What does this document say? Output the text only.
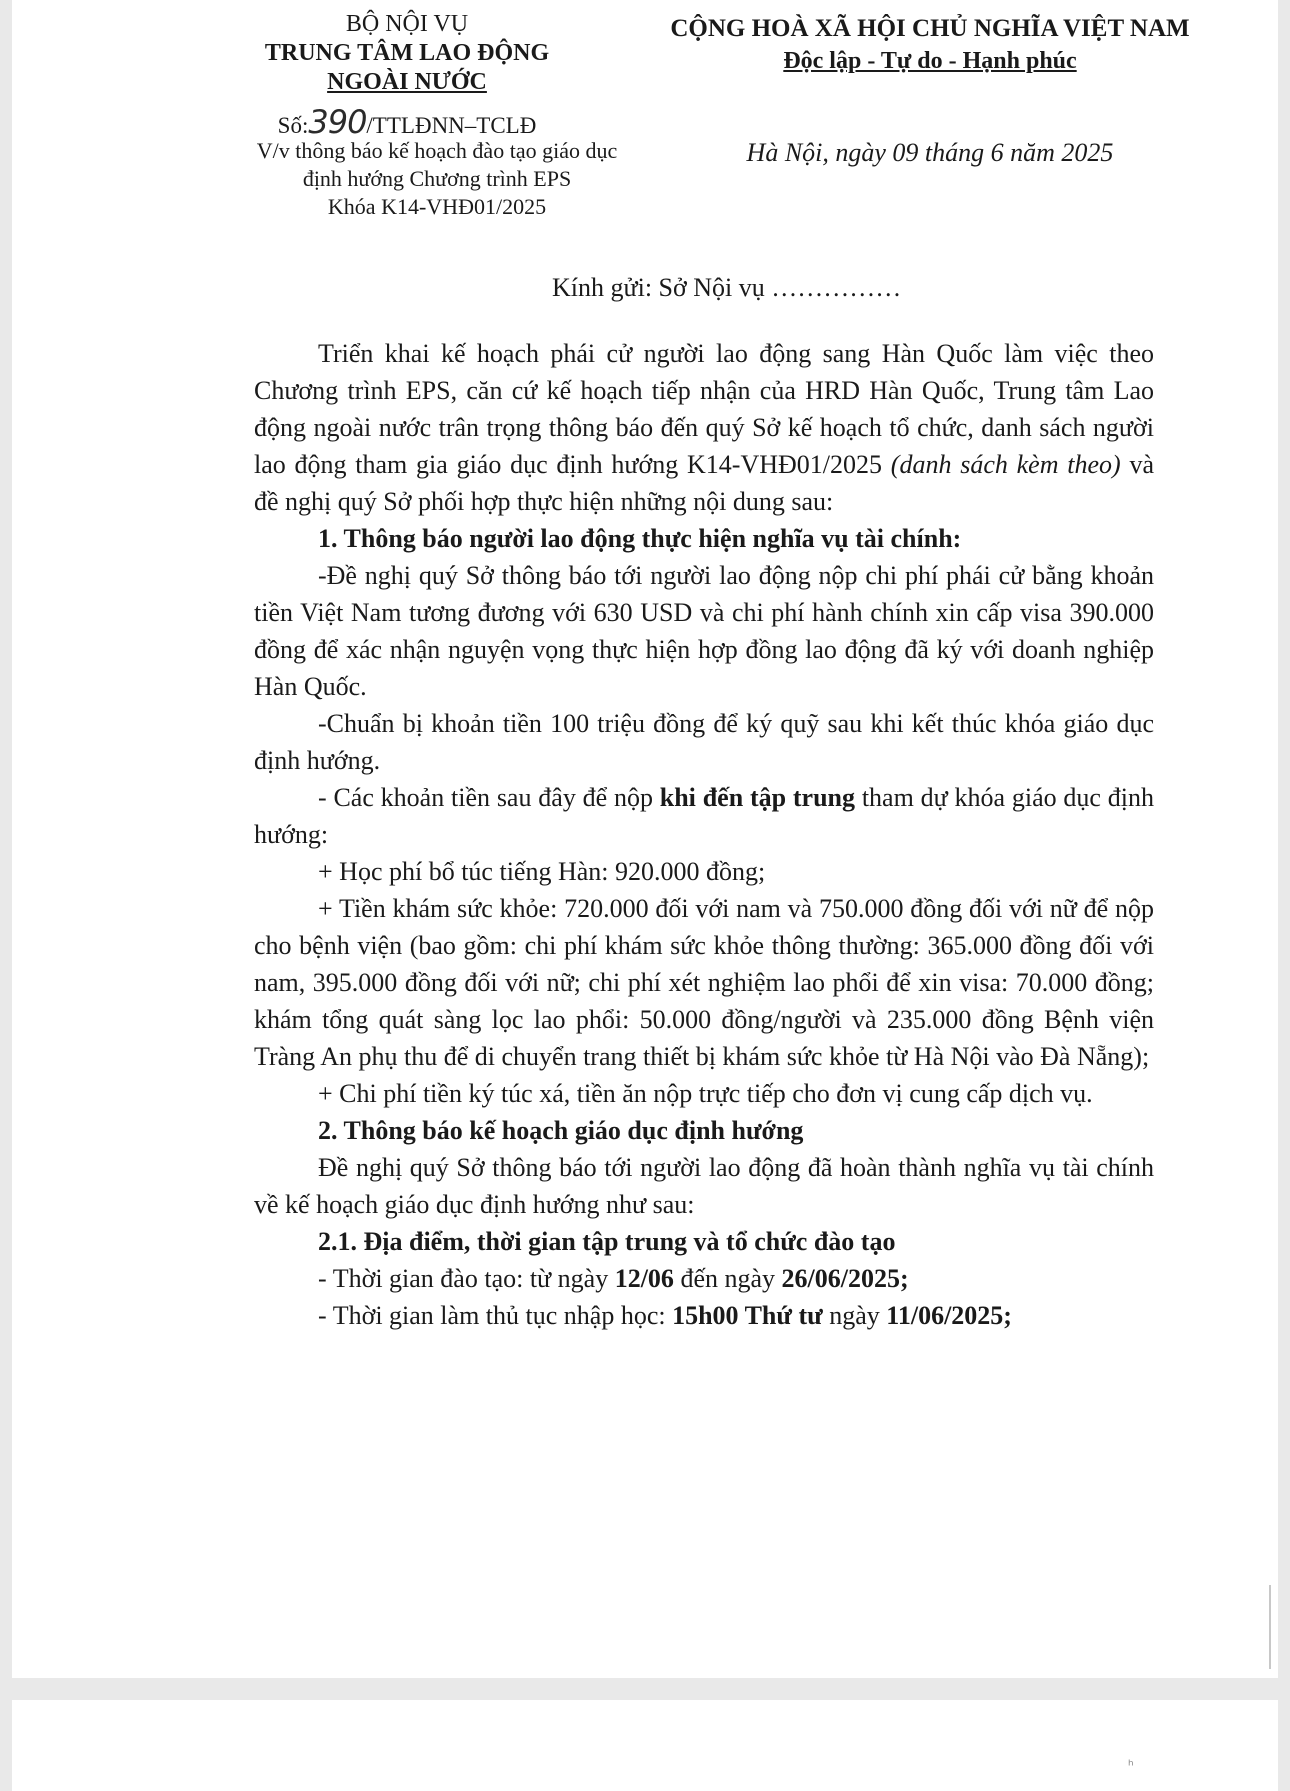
BỘ NỘI VỤ
TRUNG TÂM LAO ĐỘNG
NGOÀI NƯỚC
CỘNG HOÀ XÃ HỘI CHỦ NGHĨA VIỆT NAM
Độc lập - Tự do - Hạnh phúc
Số:390/TTLĐNN–TCLĐ
V/v thông báo kế hoạch đào tạo giáo dục
định hướng Chương trình EPS
Khóa K14-VHĐ01/2025
Hà Nội, ngày 09 tháng 6 năm 2025
Kính gửi: Sở Nội vụ ……………

Triển khai kế hoạch phái cử người lao động sang Hàn Quốc làm việc theo Chương trình EPS, căn cứ kế hoạch tiếp nhận của HRD Hàn Quốc, Trung tâm Lao động ngoài nước trân trọng thông báo đến quý Sở kế hoạch tổ chức, danh sách người lao động tham gia giáo dục định hướng K14-VHĐ01/2025 (danh sách kèm theo) và đề nghị quý Sở phối hợp thực hiện những nội dung sau:

1. Thông báo người lao động thực hiện nghĩa vụ tài chính:

-Đề nghị quý Sở thông báo tới người lao động nộp chi phí phái cử bằng khoản tiền Việt Nam tương đương với 630 USD và chi phí hành chính xin cấp visa 390.000 đồng để xác nhận nguyện vọng thực hiện hợp đồng lao động đã ký với doanh nghiệp Hàn Quốc.

-Chuẩn bị khoản tiền 100 triệu đồng để ký quỹ sau khi kết thúc khóa giáo dục định hướng.

- Các khoản tiền sau đây để nộp khi đến tập trung tham dự khóa giáo dục định hướng:

+ Học phí bổ túc tiếng Hàn: 920.000 đồng;

+ Tiền khám sức khỏe: 720.000 đối với nam và 750.000 đồng đối với nữ để nộp cho bệnh viện (bao gồm: chi phí khám sức khỏe thông thường: 365.000 đồng đối với nam, 395.000 đồng đối với nữ; chi phí xét nghiệm lao phổi để xin visa: 70.000 đồng; khám tổng quát sàng lọc lao phổi: 50.000 đồng/người và 235.000 đồng Bệnh viện Tràng An phụ thu để di chuyển trang thiết bị khám sức khỏe từ Hà Nội vào Đà Nẵng);

+ Chi phí tiền ký túc xá, tiền ăn nộp trực tiếp cho đơn vị cung cấp dịch vụ.

2. Thông báo kế hoạch giáo dục định hướng

Đề nghị quý Sở thông báo tới người lao động đã hoàn thành nghĩa vụ tài chính về kế hoạch giáo dục định hướng như sau:

2.1. Địa điểm, thời gian tập trung và tổ chức đào tạo

- Thời gian đào tạo: từ ngày 12/06 đến ngày 26/06/2025;

- Thời gian làm thủ tục nhập học: 15h00 Thứ tư ngày 11/06/2025;

ʰ
